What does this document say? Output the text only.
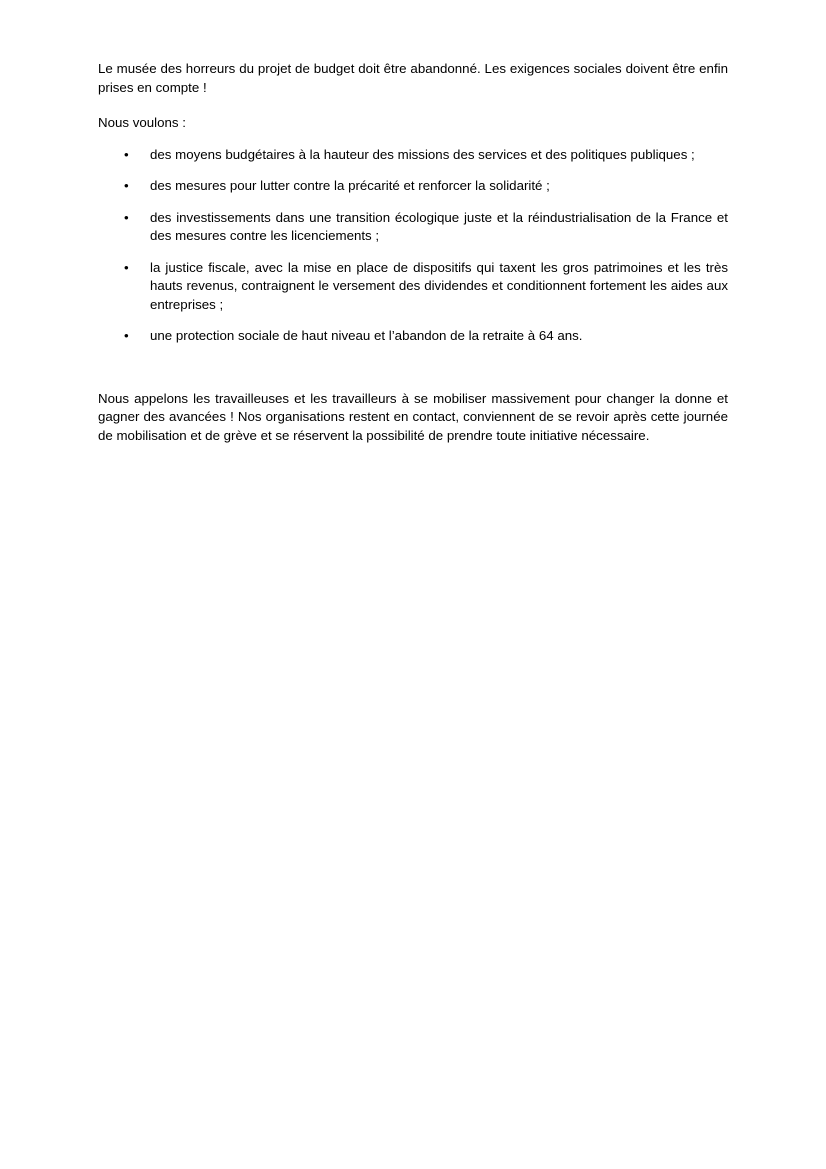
Le musée des horreurs du projet de budget doit être abandonné. Les exigences sociales doivent être enfin prises en compte !

Nous voulons :

• des moyens budgétaires à la hauteur des missions des services et des politiques publiques ;
• des mesures pour lutter contre la précarité et renforcer la solidarité ;
• des investissements dans une transition écologique juste et la réindustrialisation de la France et des mesures contre les licenciements ;
• la justice fiscale, avec la mise en place de dispositifs qui taxent les gros patrimoines et les très hauts revenus, contraignent le versement des dividendes et conditionnent fortement les aides aux entreprises ;
• une protection sociale de haut niveau et l’abandon de la retraite à 64 ans.

Nous appelons les travailleuses et les travailleurs à se mobiliser massivement pour changer la donne et gagner des avancées ! Nos organisations restent en contact, conviennent de se revoir après cette journée de mobilisation et de grève et se réservent la possibilité de prendre toute initiative nécessaire.
